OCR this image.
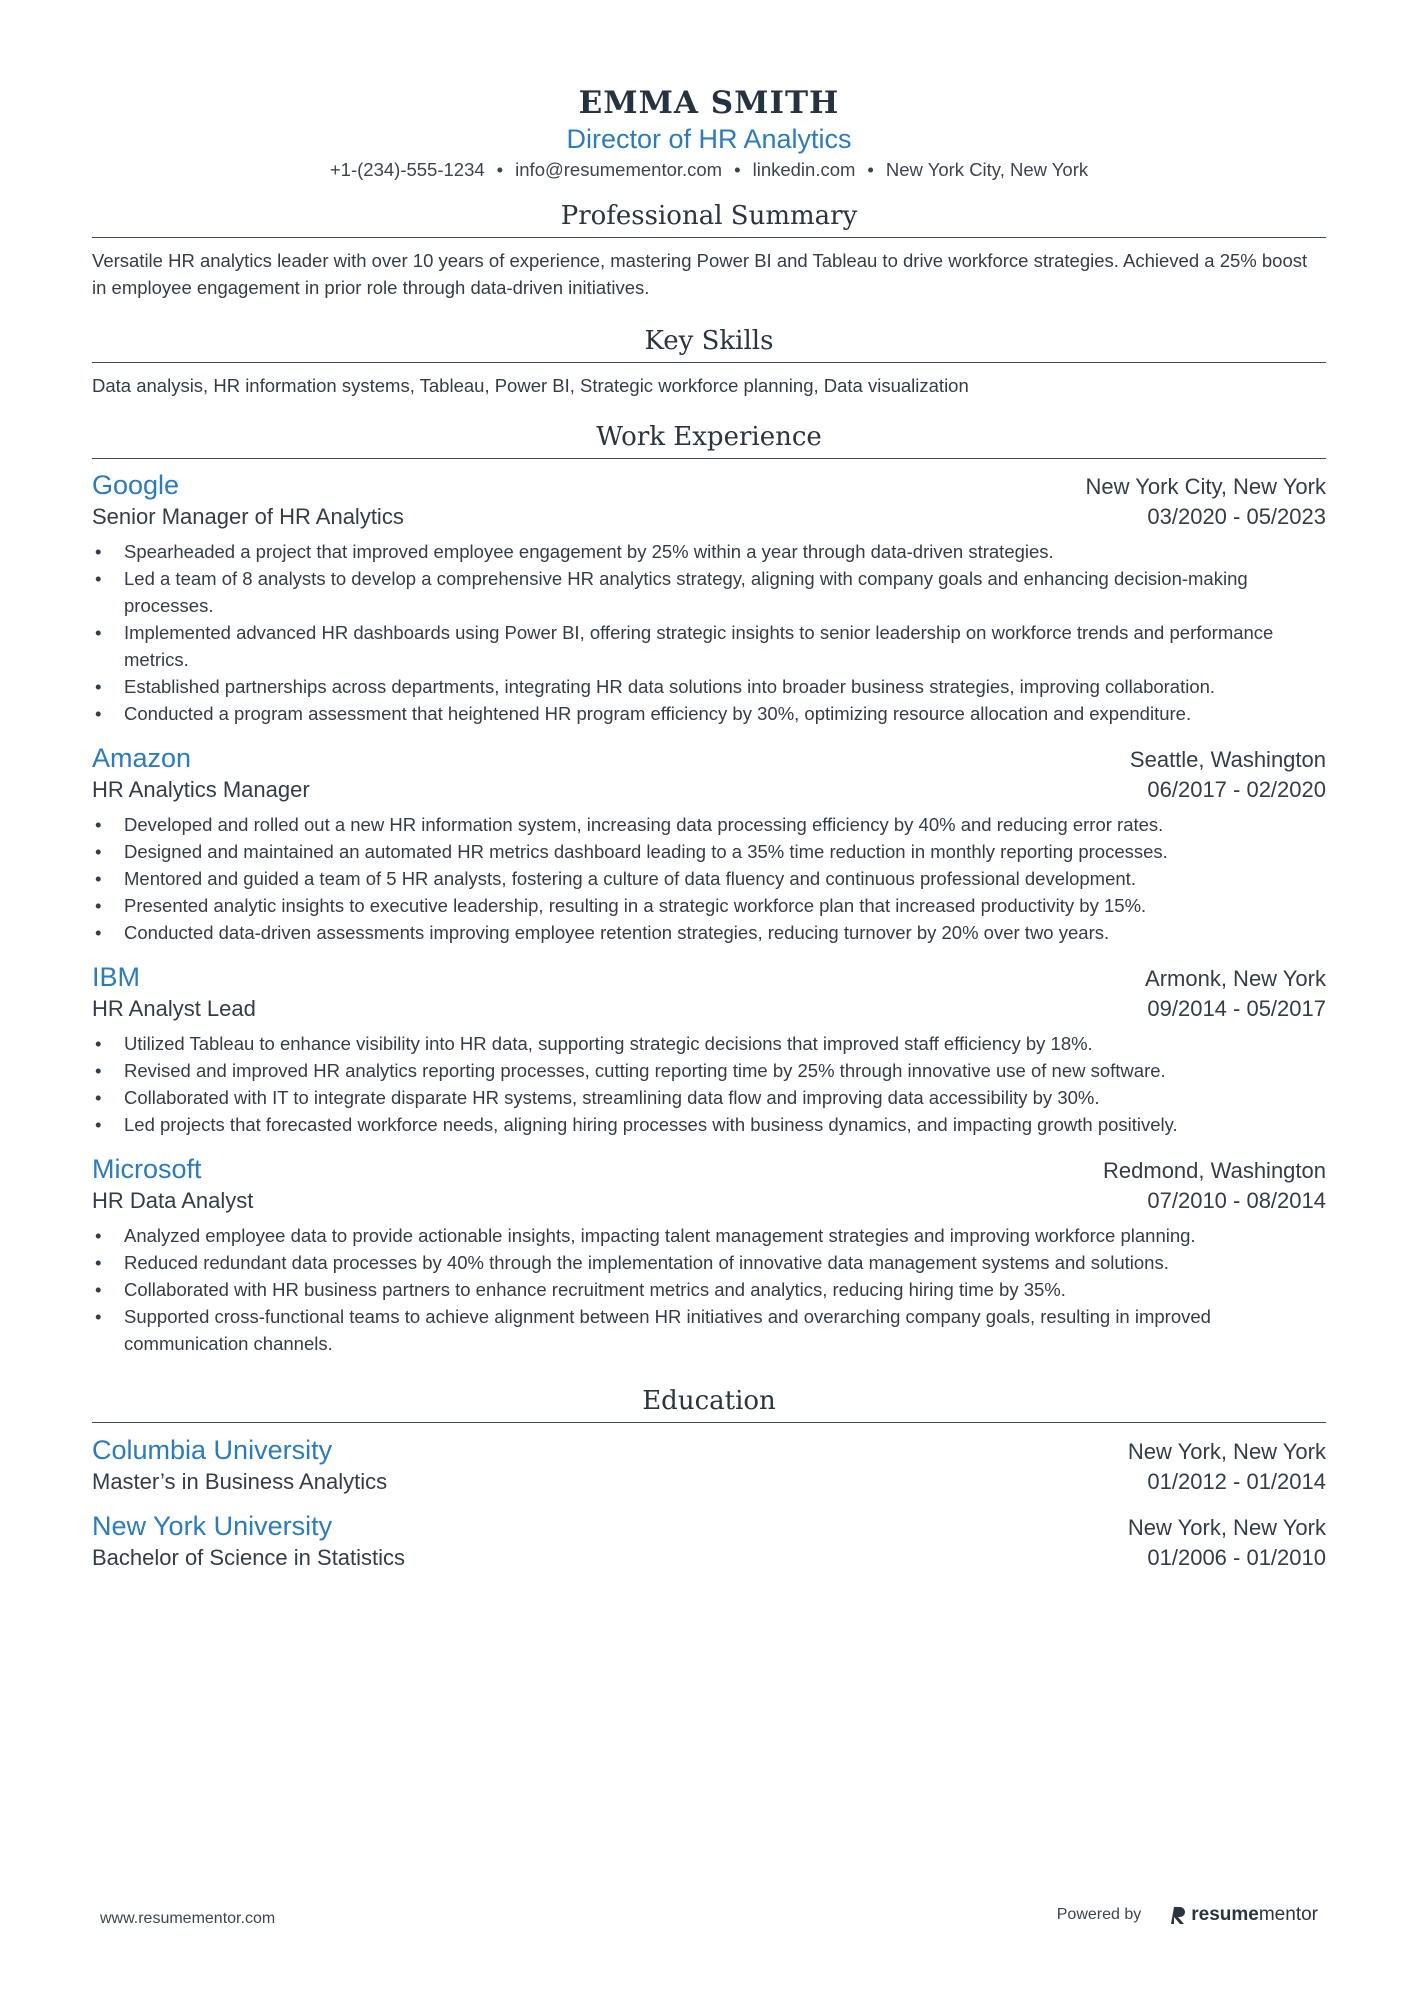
EMMA SMITH
Director of HR Analytics
+1-(234)-555-1234 • info@resumementor.com • linkedin.com • New York City, New York
Professional Summary
Versatile HR analytics leader with over 10 years of experience, mastering Power BI and Tableau to drive workforce strategies. Achieved a 25% boost in employee engagement in prior role through data-driven initiatives.
Key Skills
Data analysis, HR information systems, Tableau, Power BI, Strategic workforce planning, Data visualization
Work Experience
Google	New York City, New York
Senior Manager of HR Analytics	03/2020 - 05/2023
• Spearheaded a project that improved employee engagement by 25% within a year through data-driven strategies.
• Led a team of 8 analysts to develop a comprehensive HR analytics strategy, aligning with company goals and enhancing decision-making processes.
• Implemented advanced HR dashboards using Power BI, offering strategic insights to senior leadership on workforce trends and performance metrics.
• Established partnerships across departments, integrating HR data solutions into broader business strategies, improving collaboration.
• Conducted a program assessment that heightened HR program efficiency by 30%, optimizing resource allocation and expenditure.
Amazon	Seattle, Washington
HR Analytics Manager	06/2017 - 02/2020
• Developed and rolled out a new HR information system, increasing data processing efficiency by 40% and reducing error rates.
• Designed and maintained an automated HR metrics dashboard leading to a 35% time reduction in monthly reporting processes.
• Mentored and guided a team of 5 HR analysts, fostering a culture of data fluency and continuous professional development.
• Presented analytic insights to executive leadership, resulting in a strategic workforce plan that increased productivity by 15%.
• Conducted data-driven assessments improving employee retention strategies, reducing turnover by 20% over two years.
IBM	Armonk, New York
HR Analyst Lead	09/2014 - 05/2017
• Utilized Tableau to enhance visibility into HR data, supporting strategic decisions that improved staff efficiency by 18%.
• Revised and improved HR analytics reporting processes, cutting reporting time by 25% through innovative use of new software.
• Collaborated with IT to integrate disparate HR systems, streamlining data flow and improving data accessibility by 30%.
• Led projects that forecasted workforce needs, aligning hiring processes with business dynamics, and impacting growth positively.
Microsoft	Redmond, Washington
HR Data Analyst	07/2010 - 08/2014
• Analyzed employee data to provide actionable insights, impacting talent management strategies and improving workforce planning.
• Reduced redundant data processes by 40% through the implementation of innovative data management systems and solutions.
• Collaborated with HR business partners to enhance recruitment metrics and analytics, reducing hiring time by 35%.
• Supported cross-functional teams to achieve alignment between HR initiatives and overarching company goals, resulting in improved communication channels.
Education
Columbia University	New York, New York
Master’s in Business Analytics	01/2012 - 01/2014
New York University	New York, New York
Bachelor of Science in Statistics	01/2006 - 01/2010
www.resumementor.com	Powered by	resume mentor
